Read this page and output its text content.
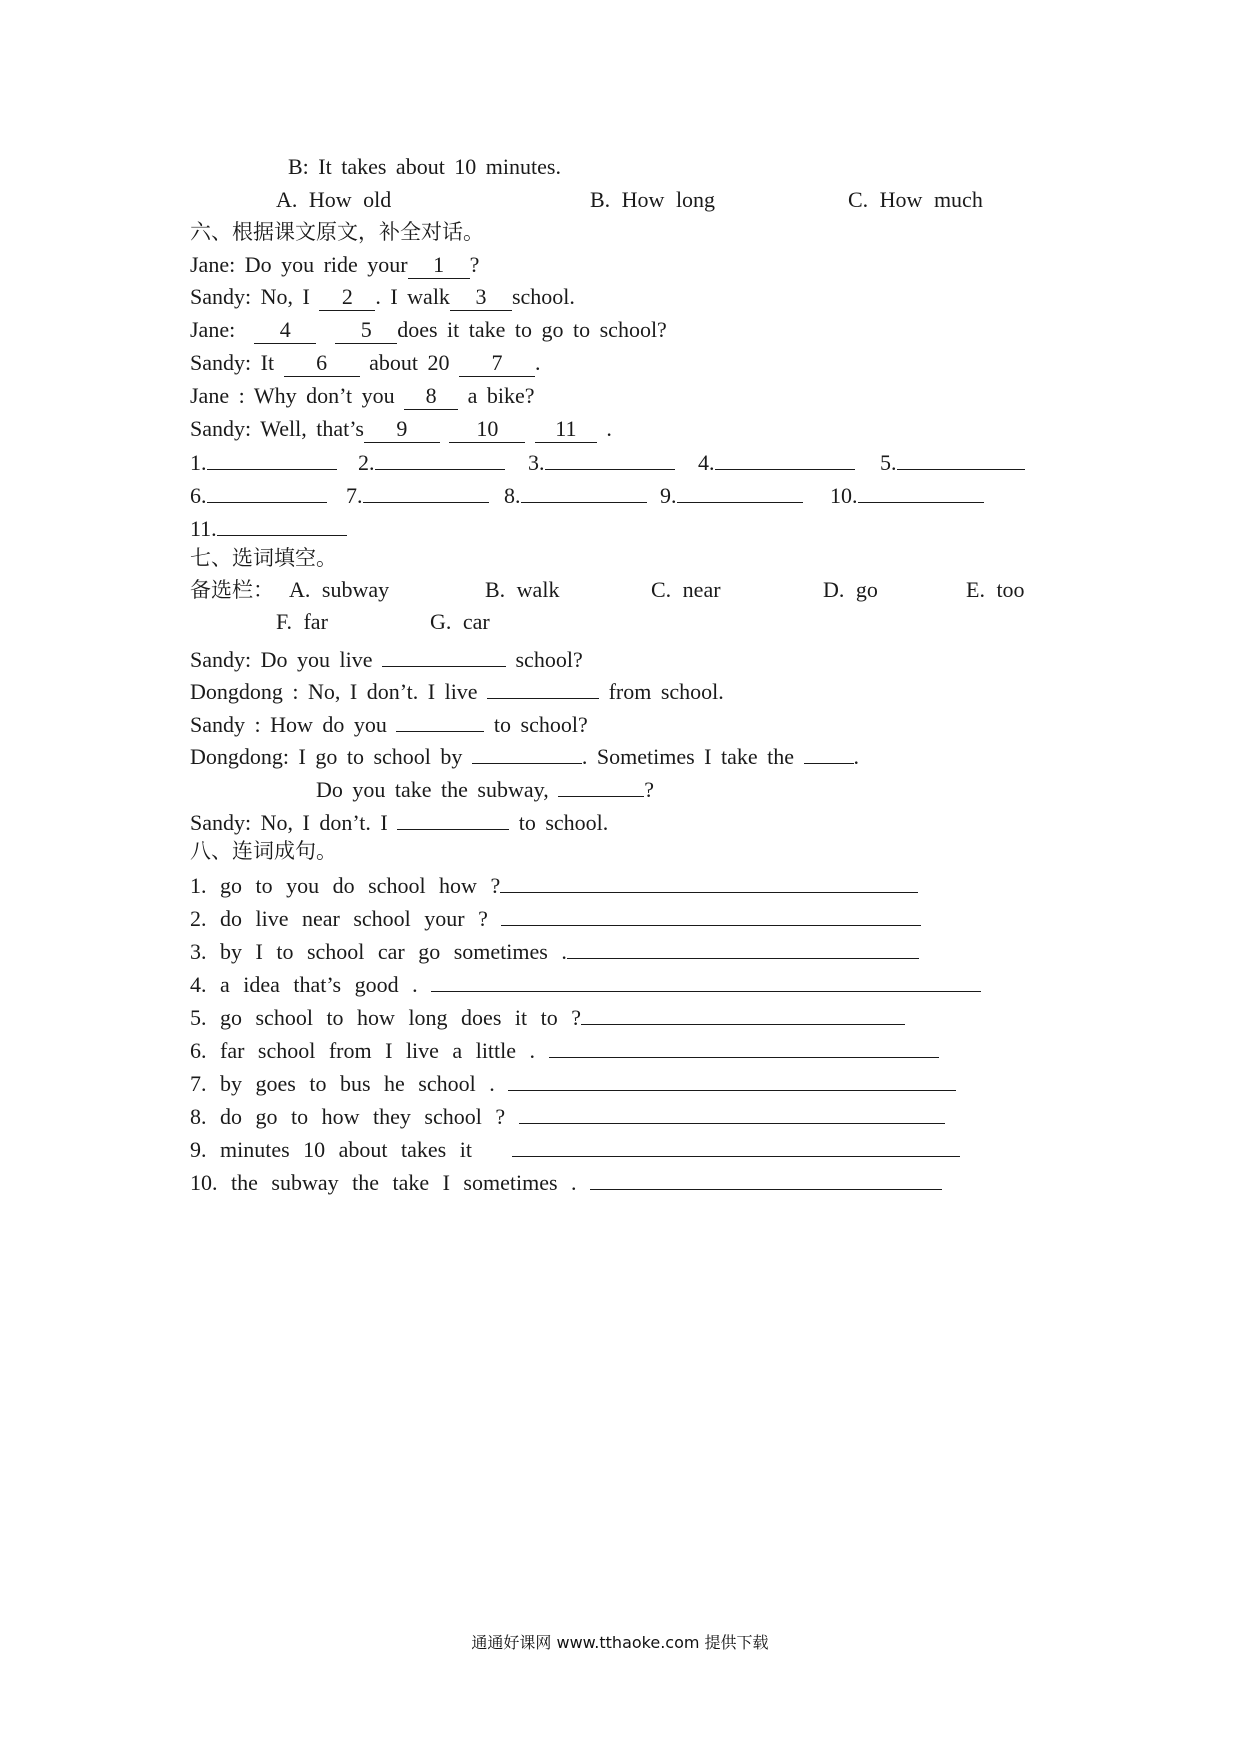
B: It takes about 10 minutes.
A. How old	B. How long	C. How much
六、根据课文原文，补全对话。
Jane: Do you ride your 1 ?
Sandy: No, I 2 . I walk 3 school.
Jane: 4	5 does it take to go to school?
Sandy: It 6 about 20 7 .
Jane : Why don’t you 8 a bike?
Sandy: Well, that’s 9	10	11 .
1.	2.	3.	4.	5.
6.	7.	8.	9.	10.
11.
七、选词填空。
备选栏： A. subway	B. walk	C. near	D. go	E. too
F. far	G. car
Sandy: Do you live	school?
Dongdong : No, I don’t. I live	from school.
Sandy : How do you	to school?
Dongdong: I go to school by	. Sometimes I take the	.
Do you take the subway,	?
Sandy: No, I don’t. I	to school.
八、连词成句。
1. go to you do school how ?
2. do live near school your ?
3. by I to school car go sometimes .
4. a idea that’s good .
5. go school to how long does it to ?
6. far school from I live a little .
7. by goes to bus he school .
8. do go to how they school ?
9. minutes 10 about takes it
10. the subway the take I sometimes .
通通好课网 www.tthaoke.com 提供下载
